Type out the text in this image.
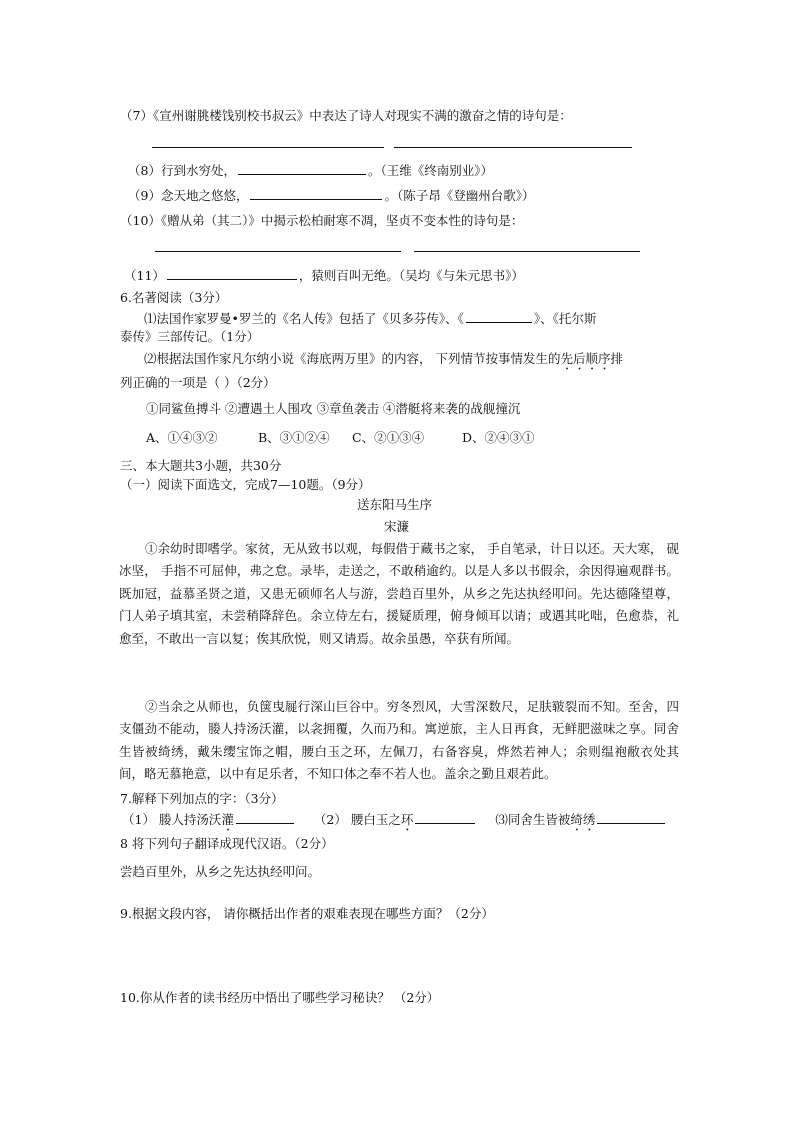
（7）《宣州谢朓楼饯别校书叔云》中表达了诗人对现实不满的激奋之情的诗句是：
（8）行到水穷处，	。（王维《终南别业》）
（9）念天地之悠悠，	。（陈子昂《登幽州台歌》）
（10）《赠从弟（其二）》中揭示松柏耐寒不凋，坚贞不变本性的诗句是：
（11）	，猿则百叫无绝。（吴均《与朱元思书》）
6.名著阅读（3分）
⑴法国作家罗曼•罗兰的《名人传》包括了《贝多芬传》、《	》、《托尔斯
泰传》三部传记。（1分）
⑵根据法国作家凡尔纳小说《海底两万里》的内容， 下列情节按事情发生的先后顺序排
列正确的一项是（ ）（2分）
①同鲨鱼搏斗 ②遭遇土人围攻 ③章鱼袭击 ④潜艇将来袭的战舰撞沉
A、①④③②	B、③①②④ C、②①③④	D、②④③①
三、本大题共3小题，共30分
（一）阅读下面选文，完成7—10题。（9分）
送东阳马生序
宋濂
①余幼时即嗜学。家贫，无从致书以观，每假借于藏书之家， 手自笔录，计日以还。天大寒， 砚冰坚， 手指不可屈伸，弗之怠。录毕，走送之，不敢稍逾约。以是人多以书假余，余因得遍观群书。 既加冠，益慕圣贤之道，又患无硕师名人与游，尝趋百里外，从乡之先达执经叩问。先达德隆望尊，门人弟子填其室，未尝稍降辞色。余立侍左右，援疑质理，俯身倾耳以请；或遇其叱咄，色愈恭，礼愈至，不敢出一言以复；俟其欣悦，则又请焉。故余虽愚，卒获有所闻。
②当余之从师也，负箧曳屣行深山巨谷中。穷冬烈风，大雪深数尺，足肤皲裂而不知。至舍，四支僵劲不能动，媵人持汤沃灌，以衾拥覆，久而乃和。寓逆旅，主人日再食，无鲜肥滋味之享。同舍生皆被绮绣，戴朱缨宝饰之帽，腰白玉之环，左佩刀，右备容臭，烨然若神人；余则缊袍敝衣处其间，略无慕艳意，以中有足乐者，不知口体之奉不若人也。盖余之勤且艰若此。
7.解释下列加点的字：（3分）
（1） 媵人持汤沃灌	（2） 腰白玉之环	⑶同舍生皆被绮绣
8 将下列句子翻译成现代汉语。（2分）
尝趋百里外，从乡之先达执经叩问。
9.根据文段内容， 请你概括出作者的艰难表现在哪些方面？（2分）
10.你从作者的读书经历中悟出了哪些学习秘诀？ （2分）
